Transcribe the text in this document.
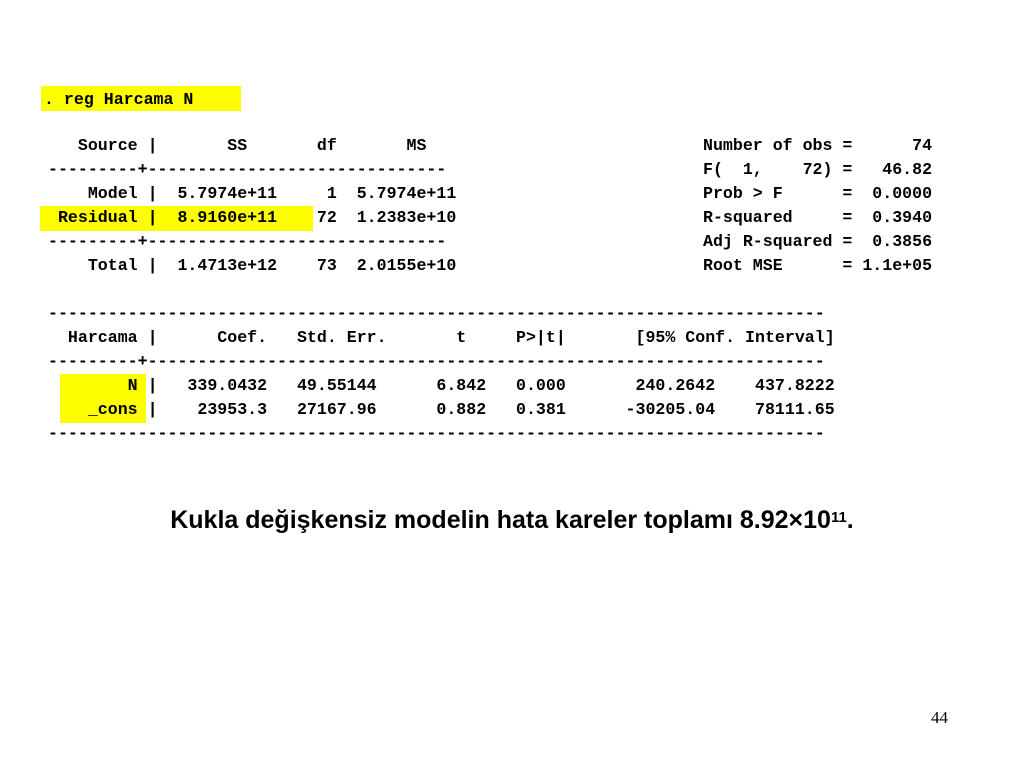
. reg Harcama N
Source |       SS       df       MS
---------+------------------------------
Model |  5.7974e+11     1  5.7974e+11
Residual |  8.9160e+11    72  1.2383e+10
---------+------------------------------
Total |  1.4713e+12    73  2.0155e+10
Number of obs =      74
F(  1,    72) =   46.82
Prob > F      =  0.0000
R-squared     =  0.3940
Adj R-squared =  0.3856
Root MSE      = 1.1e+05
------------------------------------------------------------------------------
Harcama |      Coef.   Std. Err.       t     P>|t|       [95% Conf. Interval]
---------+--------------------------------------------------------------------
N |   339.0432   49.55144      6.842   0.000       240.2642    437.8222
_cons |    23953.3   27167.96      0.882   0.381      -30205.04    78111.65
------------------------------------------------------------------------------
Kukla değişkensiz modelin hata kareler toplamı $8.92\times 10^{11}$.
44
